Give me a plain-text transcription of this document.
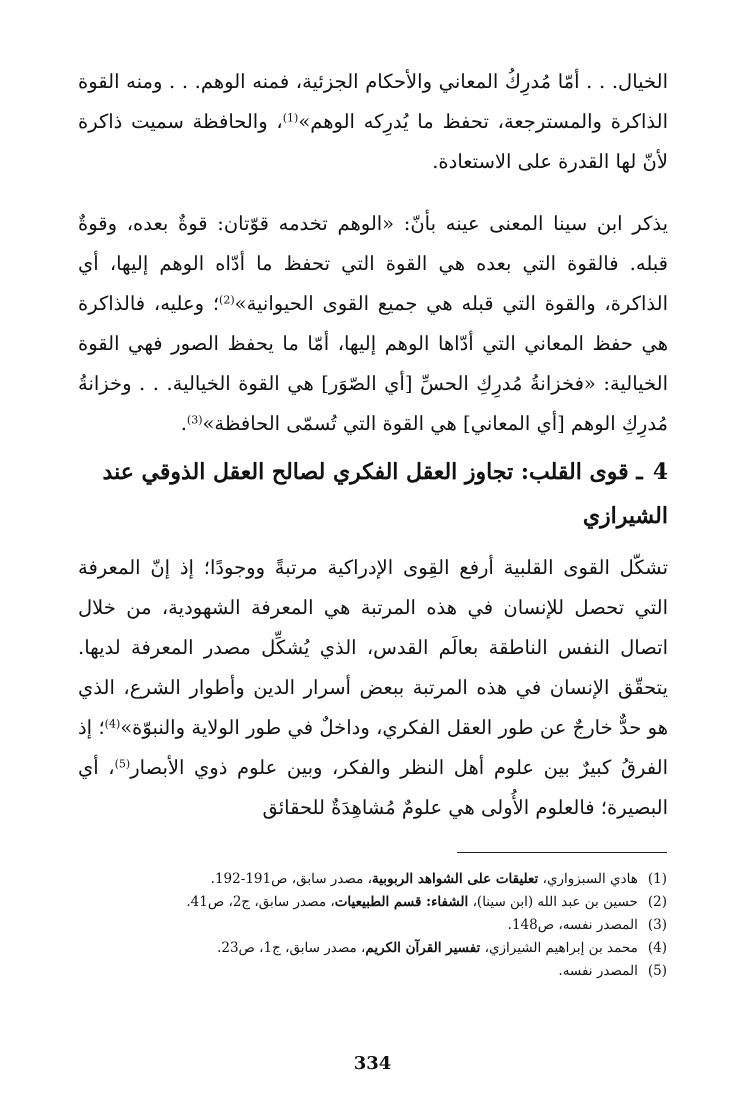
الخيال. . . أمّا مُدرِكُ المعاني والأحكام الجزئية، فمنه الوهم. . . ومنه القوة الذاكرة والمسترجعة، تحفظ ما يُدرِكه الوهم»$^{(1)}$، والحافظة سميت ذاكرة لأنّ لها القدرة على الاستعادة.

يذكر ابن سينا المعنى عينه بأنّ: «الوهم تخدمه قوّتان: قوةٌ بعده، وقوةٌ قبله. فالقوة التي بعده هي القوة التي تحفظ ما أدّاه الوهم إليها، أي الذاكرة، والقوة التي قبله هي جميع القوى الحيوانية»$^{(2)}$؛ وعليه، فالذاكرة هي حفظ المعاني التي أدّاها الوهم إليها، أمّا ما يحفظ الصور فهي القوة الخيالية: «فخزانةُ مُدرِكِ الحسِّ [أي الصّوَر] هي القوة الخيالية. . . وخزانةُ مُدرِكِ الوهم [أي المعاني] هي القوة التي تُسمّى الحافظة»$^{(3)}$.

4ـ قوى القلب: تجاوز العقل الفكري لصالح العقل الذوقي عند الشيرازي

تشكّل القوى القلبية أرفع القِوى الإدراكية مرتبةً ووجودًا؛ إذ إنّ المعرفة التي تحصل للإنسان في هذه المرتبة هي المعرفة الشهودية، من خلال اتصال النفس الناطقة بعالَم القدس، الذي يُشكِّل مصدر المعرفة لديها. يتحقّق الإنسان في هذه المرتبة ببعض أسرار الدين وأطوار الشرع، الذي هو حدٌّ خارجٌ عن طور العقل الفكري، وداخلٌ في طور الولاية والنبوّة»$^{(4)}$؛ إذ الفرقُ كبيرٌ بين علوم أهل النظر والفكر، وبين علوم ذوي الأبصار$^{(5)}$، أي البصيرة؛ فالعلوم الأُولى هي علومٌ مُشاهِدَةٌ للحقائق

(1)هادي السبزواري، تعليقات على الشواهد الربوبية، مصدر سابق، ص191-192.
(2)حسين بن عبد الله (ابن سينا)، الشفاء: قسم الطبيعيات، مصدر سابق، ج2، ص41.
(3)المصدر نفسه، ص148.
(4)محمد بن إبراهيم الشيرازي، تفسير القرآن الكريم، مصدر سابق، ج1، ص23.
(5)المصدر نفسه.
334
